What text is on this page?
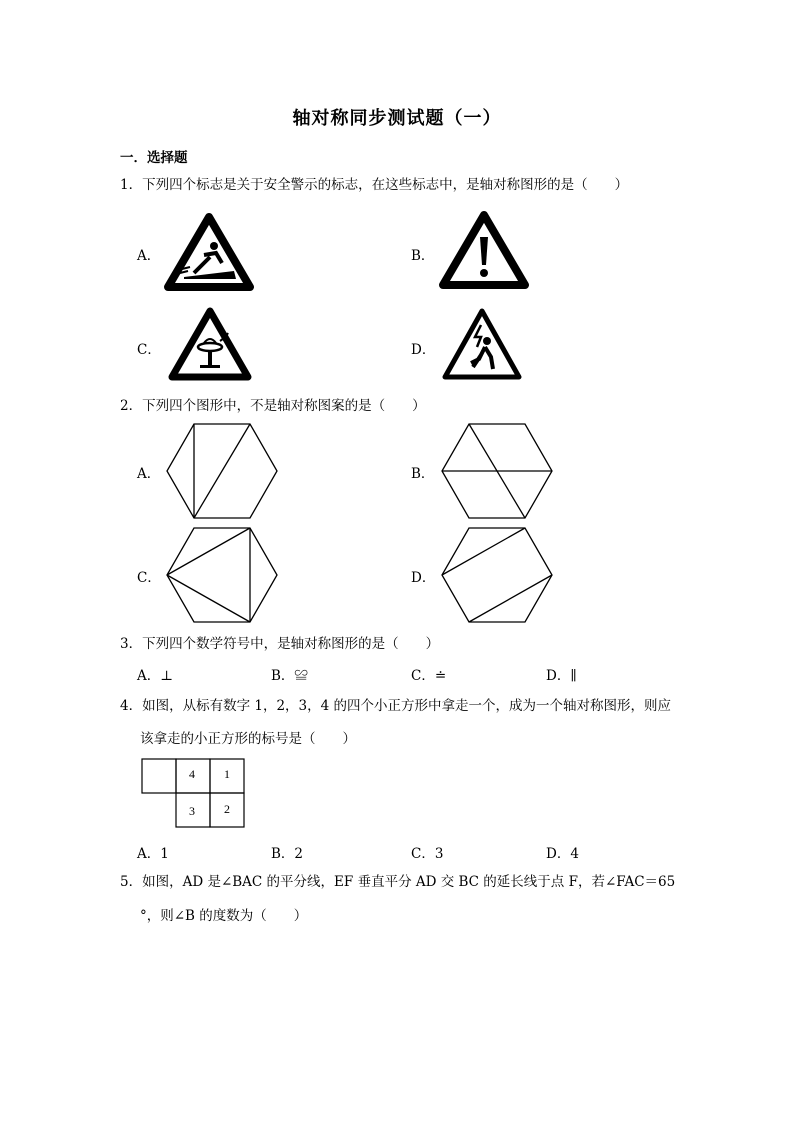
轴对称同步测试题（一）
一．选择题
1．下列四个标志是关于安全警示的标志，在这些标志中，是轴对称图形的是（　　）
A．	B．
C．	D．
2．下列四个图形中，不是轴对称图案的是（　　）
A．	B．
C．	D．
3．下列四个数学符号中，是轴对称图形的是（　　）
A．⊥	B．≌	C．≐	D．∥
4．如图，从标有数字 1，2，3，4 的四个小正方形中拿走一个，成为一个轴对称图形，则应
该拿走的小正方形的标号是（　　）
4 1
3 2
A．1	B．2	C．3	D．4
5．如图，AD 是∠BAC 的平分线，EF 垂直平分 AD 交 BC 的延长线于点 F，若∠FAC＝65
°，则∠B 的度数为（　　）
